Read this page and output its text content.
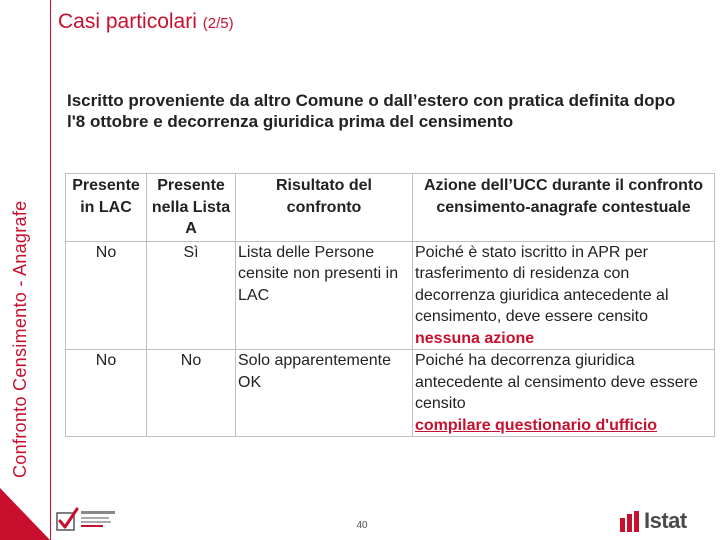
Confronto Censimento - Anagrafe
Casi particolari (2/5)
Iscritto proveniente da altro Comune o dall’estero con pratica definita dopo l'8 ottobre e decorrenza giuridica prima del censimento
Presente in LAC	Presente nella Lista A	Risultato del confronto	Azione dell’UCC durante il confronto censimento-anagrafe contestuale
No	Sì	Lista delle Persone censite non presenti in LAC	Poiché è stato iscritto in APR per trasferimento di residenza con decorrenza giuridica antecedente al censimento, deve essere censito
nessuna azione
No	No	Solo apparentemente OK	Poiché ha decorrenza giuridica antecedente al censimento deve essere censito
compilare questionario d'ufficio
40	Istat
